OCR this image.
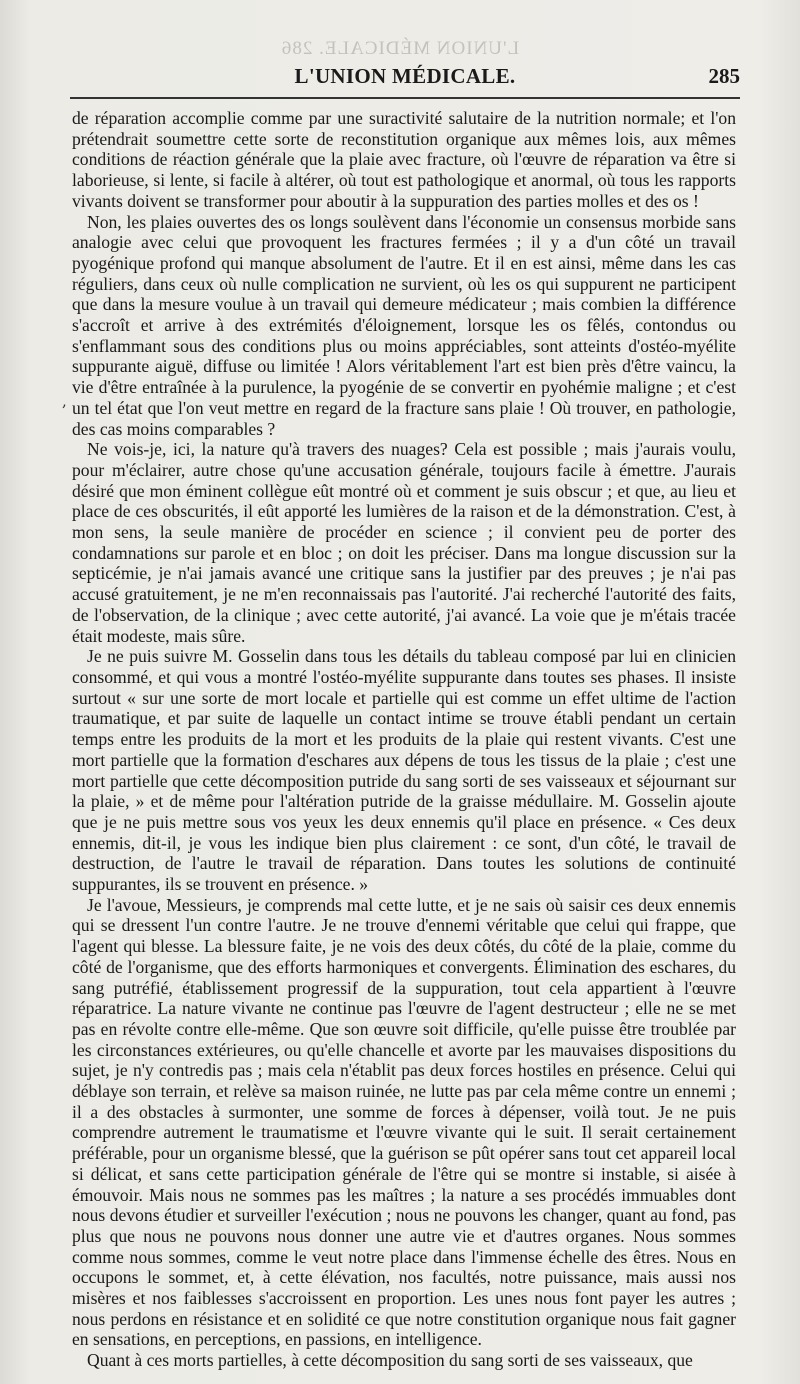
L'UNION MÉDICALE. 286
L'UNION MÉDICALE.	285
,

de réparation accomplie comme par une suractivité salutaire de la nutrition normale; et l'on prétendrait soumettre cette sorte de reconstitution organique aux mêmes lois, aux mêmes conditions de réaction générale que la plaie avec fracture, où l'œuvre de réparation va être si laborieuse, si lente, si facile à altérer, où tout est pathologique et anormal, où tous les rapports vivants doivent se transformer pour aboutir à la suppuration des parties molles et des os !

Non, les plaies ouvertes des os longs soulèvent dans l'économie un consensus morbide sans analogie avec celui que provoquent les fractures fermées ; il y a d'un côté un travail pyogénique profond qui manque absolument de l'autre. Et il en est ainsi, même dans les cas réguliers, dans ceux où nulle complication ne survient, où les os qui suppurent ne participent que dans la mesure voulue à un travail qui demeure médicateur ; mais combien la différence s'accroît et arrive à des extrémités d'éloignement, lorsque les os fêlés, contondus ou s'enflammant sous des conditions plus ou moins appréciables, sont atteints d'ostéo-myélite suppurante aiguë, diffuse ou limitée ! Alors véritablement l'art est bien près d'être vaincu, la vie d'être entraînée à la purulence, la pyogénie de se convertir en pyohémie maligne ; et c'est un tel état que l'on veut mettre en regard de la fracture sans plaie ! Où trouver, en pathologie, des cas moins comparables ?

Ne vois-je, ici, la nature qu'à travers des nuages? Cela est possible ; mais j'aurais voulu, pour m'éclairer, autre chose qu'une accusation générale, toujours facile à émettre. J'aurais désiré que mon éminent collègue eût montré où et comment je suis obscur ; et que, au lieu et place de ces obscurités, il eût apporté les lumières de la raison et de la démonstration. C'est, à mon sens, la seule manière de procéder en science ; il convient peu de porter des condamnations sur parole et en bloc ; on doit les préciser. Dans ma longue discussion sur la septicémie, je n'ai jamais avancé une critique sans la justifier par des preuves ; je n'ai pas accusé gratuitement, je ne m'en reconnaissais pas l'autorité. J'ai recherché l'autorité des faits, de l'observation, de la clinique ; avec cette autorité, j'ai avancé. La voie que je m'étais tracée était modeste, mais sûre.

Je ne puis suivre M. Gosselin dans tous les détails du tableau composé par lui en clinicien consommé, et qui vous a montré l'ostéo-myélite suppurante dans toutes ses phases. Il insiste surtout « sur une sorte de mort locale et partielle qui est comme un effet ultime de l'action traumatique, et par suite de laquelle un contact intime se trouve établi pendant un certain temps entre les produits de la mort et les produits de la plaie qui restent vivants. C'est une mort partielle que la formation d'eschares aux dépens de tous les tissus de la plaie ; c'est une mort partielle que cette décomposition putride du sang sorti de ses vaisseaux et séjournant sur la plaie, » et de même pour l'altération putride de la graisse médullaire. M. Gosselin ajoute que je ne puis mettre sous vos yeux les deux ennemis qu'il place en présence. « Ces deux ennemis, dit-il, je vous les indique bien plus clairement : ce sont, d'un côté, le travail de destruction, de l'autre le travail de réparation. Dans toutes les solutions de continuité suppurantes, ils se trouvent en présence. »

Je l'avoue, Messieurs, je comprends mal cette lutte, et je ne sais où saisir ces deux ennemis qui se dressent l'un contre l'autre. Je ne trouve d'ennemi véritable que celui qui frappe, que l'agent qui blesse. La blessure faite, je ne vois des deux côtés, du côté de la plaie, comme du côté de l'organisme, que des efforts harmoniques et convergents. Élimination des eschares, du sang putréfié, établissement progressif de la suppuration, tout cela appartient à l'œuvre réparatrice. La nature vivante ne continue pas l'œuvre de l'agent destructeur ; elle ne se met pas en révolte contre elle-même. Que son œuvre soit difficile, qu'elle puisse être troublée par les circonstances extérieures, ou qu'elle chancelle et avorte par les mauvaises dispositions du sujet, je n'y contredis pas ; mais cela n'établit pas deux forces hostiles en présence. Celui qui déblaye son terrain, et relève sa maison ruinée, ne lutte pas par cela même contre un ennemi ; il a des obstacles à surmonter, une somme de forces à dépenser, voilà tout. Je ne puis comprendre autrement le traumatisme et l'œuvre vivante qui le suit. Il serait certainement préférable, pour un organisme blessé, que la guérison se pût opérer sans tout cet appareil local si délicat, et sans cette participation générale de l'être qui se montre si instable, si aisée à émouvoir. Mais nous ne sommes pas les maîtres ; la nature a ses procédés immuables dont nous devons étudier et surveiller l'exécution ; nous ne pouvons les changer, quant au fond, pas plus que nous ne pouvons nous donner une autre vie et d'autres organes. Nous sommes comme nous sommes, comme le veut notre place dans l'immense échelle des êtres. Nous en occupons le sommet, et, à cette élévation, nos facultés, notre puissance, mais aussi nos misères et nos faiblesses s'accroissent en proportion. Les unes nous font payer les autres ; nous perdons en résistance et en solidité ce que notre constitution organique nous fait gagner en sensations, en perceptions, en passions, en intelligence.

Quant à ces morts partielles, à cette décomposition du sang sorti de ses vaisseaux, que
